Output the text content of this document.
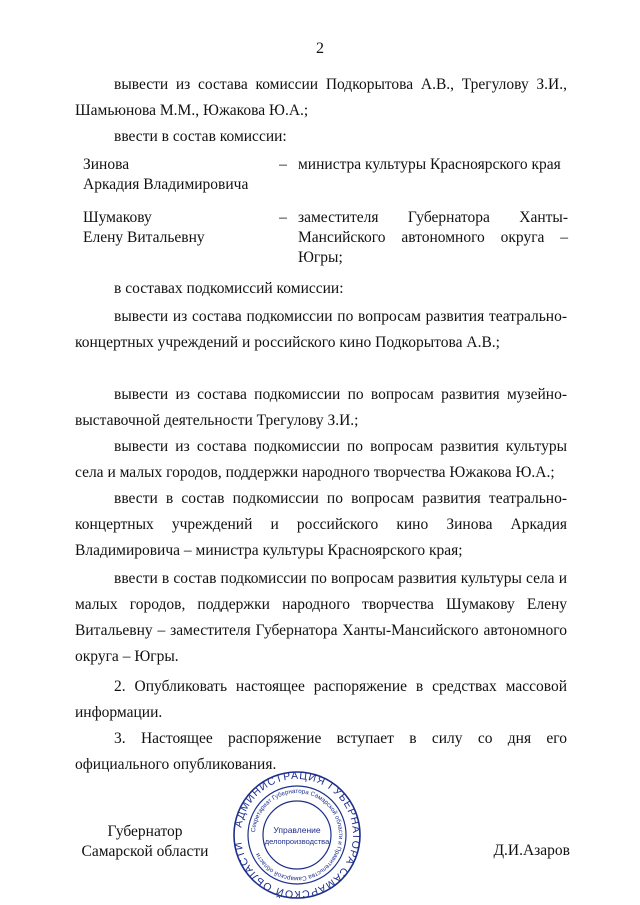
2

вывести из состава комиссии Подкорытова А.В., Трегулову З.И., Шамьюнова М.М., Южакова Ю.А.;

ввести в состав комиссии:

Зинова
Аркадия Владимировича
– министра культуры Красноярского края
Шумакову
Елену Витальевну
– заместителя Губернатора Ханты-Мансийского автономного округа – Югры;

в составах подкомиссий комиссии:

вывести из состава подкомиссии по вопросам развития театрально-концертных учреждений и российского кино Подкорытова А.В.;

вывести из состава подкомиссии по вопросам развития музейно-выставочной деятельности Трегулову З.И.;

вывести из состава подкомиссии по вопросам развития культуры села и малых городов, поддержки народного творчества Южакова Ю.А.;

ввести в состав подкомиссии по вопросам развития театрально-концертных учреждений и российского кино Зинова Аркадия Владимировича – министра культуры Красноярского края;

ввести в состав подкомиссии по вопросам развития культуры села и малых городов, поддержки народного творчества Шумакову Елену Витальевну – заместителя Губернатора Ханты-Мансийского автономного округа – Югры.

2. Опубликовать настоящее распоряжение в средствах массовой информации.

3. Настоящее распоряжение вступает в силу со дня его официального опубликования.

Губернатор
Самарской области
АДМИНИСТРАЦИЯ ГУБЕРНАТОРА САМАРСКОЙ ОБЛАСТИ
Секретариат Губернатора Самарской области и Правительства Самарской области
Управление
делопроизводства
Д.И.Азаров
